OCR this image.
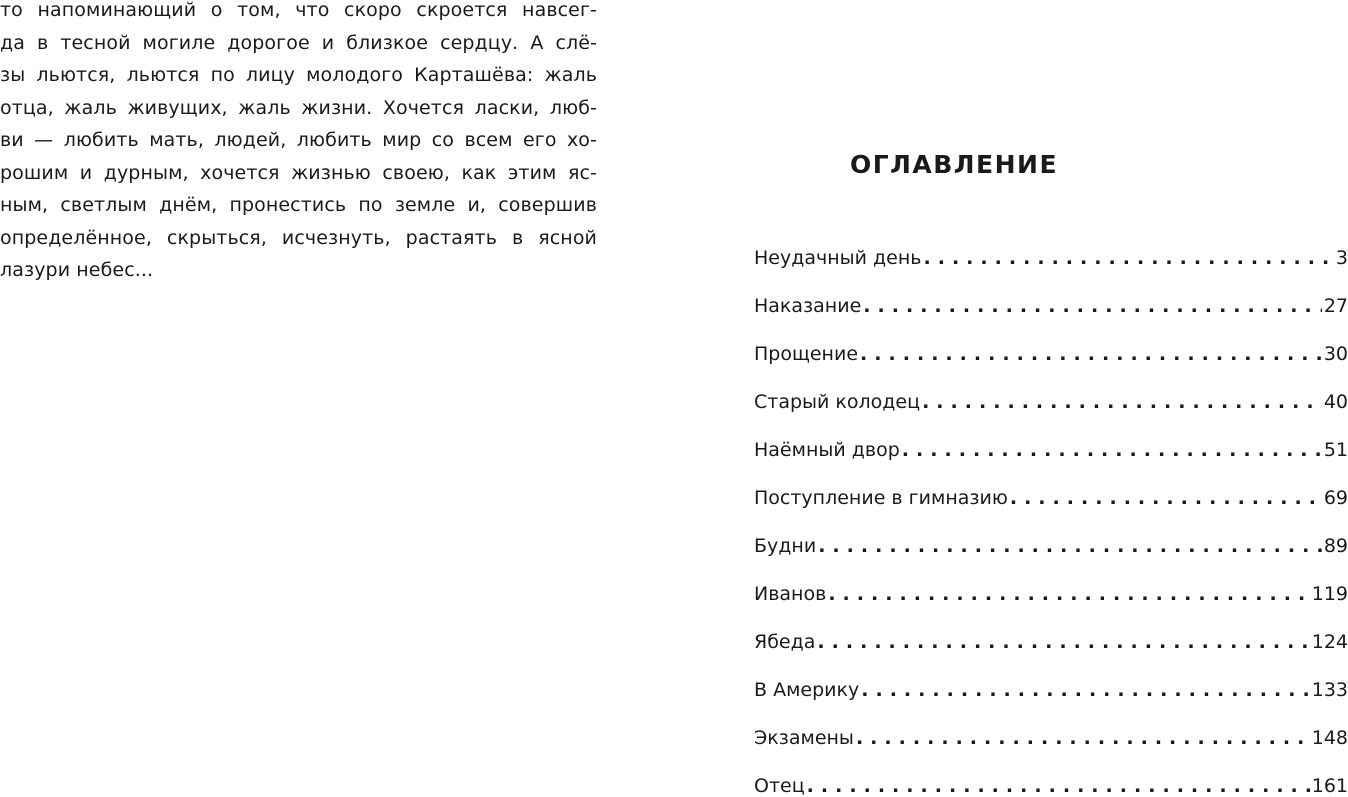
то напоминающий о том, что скоро скроется навсег-
да в тесной могиле дорогое и близкое сердцу. А слё-
зы льются, льются по лицу молодого Карташёва: жаль
отца, жаль живущих, жаль жизни. Хочется ласки, люб-
ви — любить мать, людей, любить мир со всем его хо-
рошим и дурным, хочется жизнью своею, как этим яс-
ным, светлым днём, пронестись по земле и, совершив
определённое, скрыться, исчезнуть, растаять в ясной
лазури небес...

ОГЛАВЛЕНИЕ
Неудачный день . . .	3
Наказание . . .	27
Прощение . . .	30
Старый колодец . . .	40
Наёмный двор . . .	51
Поступление в гимназию . . .	69
Будни . . .	89
Иванов . . .	119
Ябеда . . .	124
В Америку . . .	133
Экзамены . . .	148
Отец . . .	161
